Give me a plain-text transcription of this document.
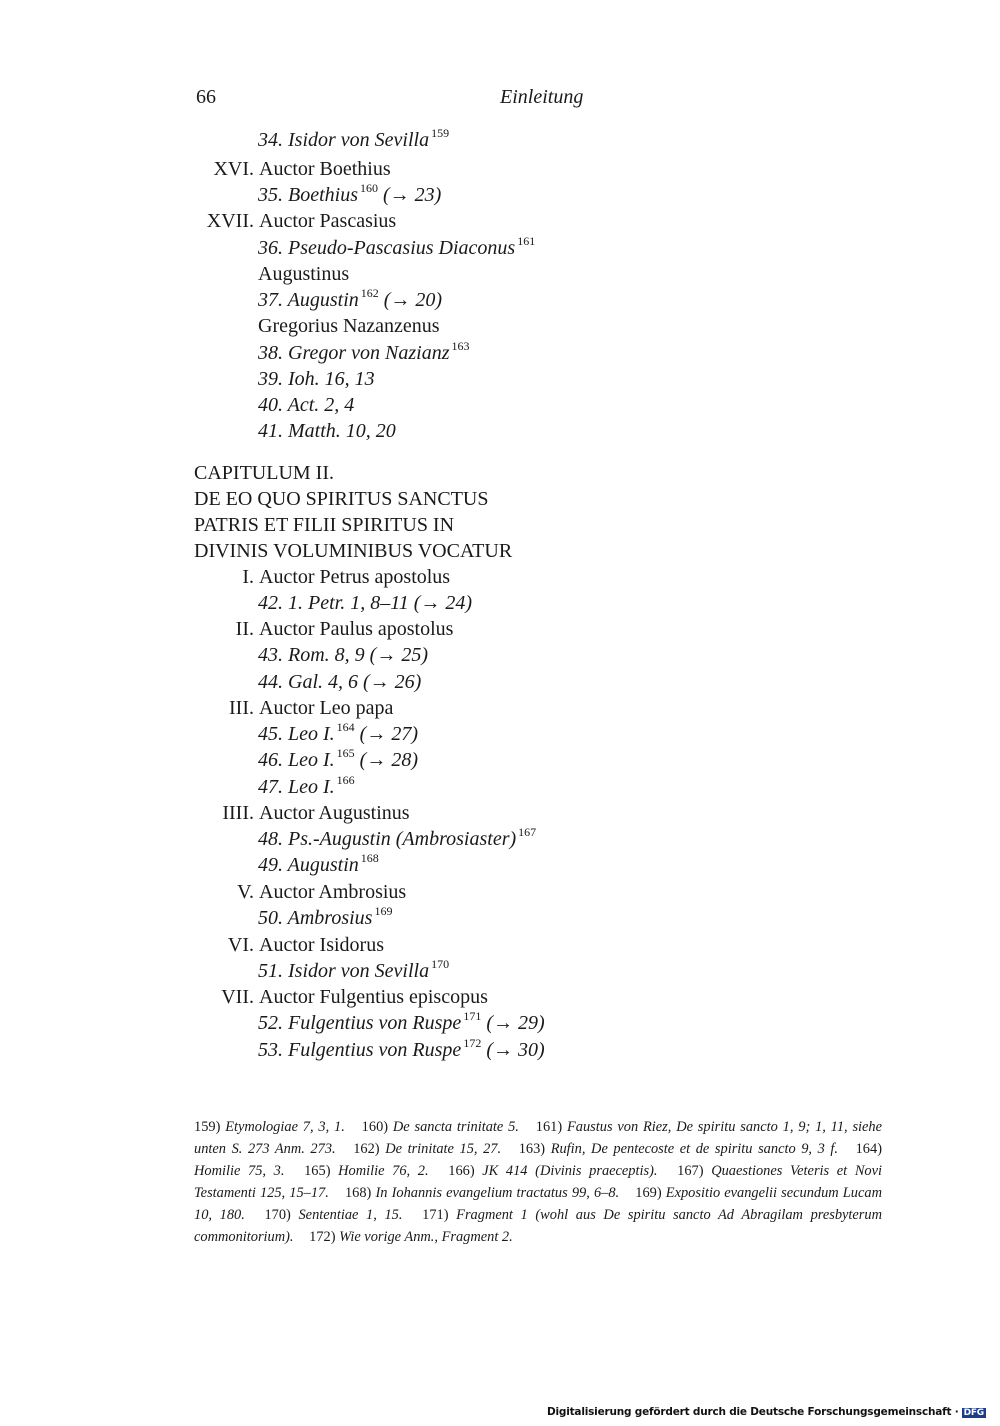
66	Einleitung
34. Isidor von Sevilla $^{159}$
XVI. Auctor Boethius
35. Boethius $^{160}$ (→ 23)
XVII. Auctor Pascasius
36. Pseudo-Pascasius Diaconus $^{161}$
Augustinus
37. Augustin $^{162}$ (→ 20)
Gregorius Nazanzenus
38. Gregor von Nazianz $^{163}$
39. Ioh. 16, 13
40. Act. 2, 4
41. Matth. 10, 20
CAPITULUM II.
DE EO QUO SPIRITUS SANCTUS
PATRIS ET FILII SPIRITUS IN
DIVINIS VOLUMINIBUS VOCATUR
I. Auctor Petrus apostolus
42. 1. Petr. 1, 8–11 (→ 24)
II. Auctor Paulus apostolus
43. Rom. 8, 9 (→ 25)
44. Gal. 4, 6 (→ 26)
III. Auctor Leo papa
45. Leo I. $^{164}$ (→ 27)
46. Leo I. $^{165}$ (→ 28)
47. Leo I. $^{166}$
IIII. Auctor Augustinus
48. Ps.-Augustin (Ambrosiaster) $^{167}$
49. Augustin $^{168}$
V. Auctor Ambrosius
50. Ambrosius $^{169}$
VI. Auctor Isidorus
51. Isidor von Sevilla $^{170}$
VII. Auctor Fulgentius episcopus
52. Fulgentius von Ruspe $^{171}$ (→ 29)
53. Fulgentius von Ruspe $^{172}$ (→ 30)
159) Etymologiae 7, 3, 1. 160) De sancta trinitate 5. 161) Faustus von Riez, De spiritu sancto 1, 9; 1, 11, siehe unten S. 273 Anm. 273. 162) De trinitate 15, 27. 163) Rufin, De pentecoste et de spiritu sancto 9, 3 f. 164) Homilie 75, 3. 165) Homilie 76, 2. 166) JK 414 (Divinis praeceptis). 167) Quaestiones Veteris et Novi Testamenti 125, 15–17. 168) In Iohannis evangelium tractatus 99, 6–8. 169) Expositio evangelii secundum Lucam 10, 180. 170) Sententiae 1, 15. 171) Fragment 1 (wohl aus De spiritu sancto Ad Abragilam presbyterum commonitorium). 172) Wie vorige Anm., Fragment 2.
Digitalisierung gefördert durch die Deutsche Forschungsgemeinschaft · DFG
